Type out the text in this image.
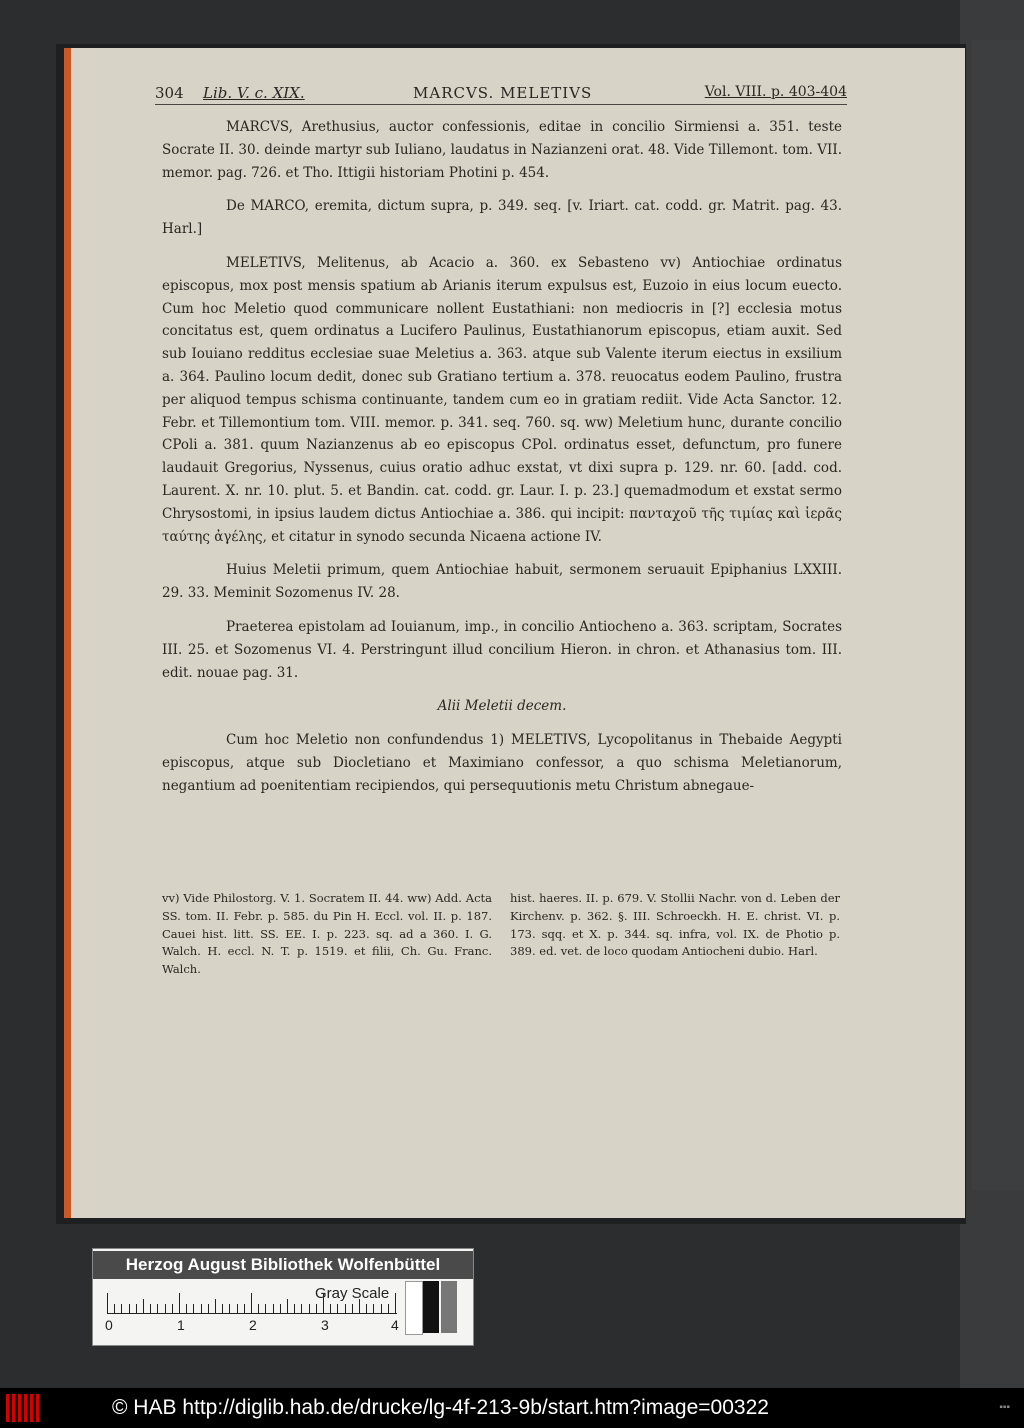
304 Lib. V. c. XIX.	MARCVS. MELETIVS	Vol. VIII. p. 403-404

MARCVS, Arethusius, auctor confessionis, editae in concilio Sirmiensi a. 351. teste Socrate II. 30. deinde martyr sub Iuliano, laudatus in Nazianzeni orat. 48. Vide Tillemont. tom. VII. memor. pag. 726. et Tho. Ittigii historiam Photini p. 454.

De MARCO, eremita, dictum supra, p. 349. seq. [v. Iriart. cat. codd. gr. Matrit. pag. 43. Harl.]

MELETIVS, Melitenus, ab Acacio a. 360. ex Sebasteno vv) Antiochiae ordinatus episcopus, mox post mensis spatium ab Arianis iterum expulsus est, Euzoio in eius locum euecto. Cum hoc Meletio quod communicare nollent Eustathiani: non mediocris in [?] ecclesia motus concitatus est, quem ordinatus a Lucifero Paulinus, Eustathianorum episcopus, etiam auxit. Sed sub Iouiano redditus ecclesiae suae Meletius a. 363. atque sub Valente iterum eiectus in exsilium a. 364. Paulino locum dedit, donec sub Gratiano tertium a. 378. reuocatus eodem Paulino, frustra per aliquod tempus schisma continuante, tandem cum eo in gratiam rediit. Vide Acta Sanctor. 12. Febr. et Tillemontium tom. VIII. memor. p. 341. seq. 760. sq. ww) Meletium hunc, durante concilio CPoli a. 381. quum Nazianzenus ab eo episcopus CPol. ordinatus esset, defunctum, pro funere laudauit Gregorius, Nyssenus, cuius oratio adhuc exstat, vt dixi supra p. 129. nr. 60. [add. cod. Laurent. X. nr. 10. plut. 5. et Bandin. cat. codd. gr. Laur. I. p. 23.] quemadmodum et exstat sermo Chrysostomi, in ipsius laudem dictus Antiochiae a. 386. qui incipit: πανταχοῦ τῆς τιμίας καὶ ἱερᾶς ταύτης ἀγέλης, et citatur in synodo secunda Nicaena actione IV.

Huius Meletii primum, quem Antiochiae habuit, sermonem seruauit Epiphanius LXXIII. 29. 33. Meminit Sozomenus IV. 28.

Praeterea epistolam ad Iouianum, imp., in concilio Antiocheno a. 363. scriptam, Socrates III. 25. et Sozomenus VI. 4. Perstringunt illud concilium Hieron. in chron. et Athanasius tom. III. edit. nouae pag. 31.

Alii Meletii decem.

Cum hoc Meletio non confundendus 1) MELETIVS, Lycopolitanus in Thebaide Aegypti episcopus, atque sub Diocletiano et Maximiano confessor, a quo schisma Meletianorum, negantium ad poenitentiam recipiendos, qui persequutionis metu Christum abnegaue-

vv) Vide Philostorg. V. 1. Socratem II. 44. ww) Add. Acta SS. tom. II. Febr. p. 585. du Pin H. Eccl. vol. II. p. 187. Cauei hist. litt. SS. EE. I. p. 223. sq. ad a 360. I. G. Walch. H. eccl. N. T. p. 1519. et filii, Ch. Gu. Franc. Walch.
hist. haeres. II. p. 679. V. Stollii Nachr. von d. Leben der Kirchenv. p. 362. §. III. Schroeckh. H. E. christ. VI. p. 173. sqq. et X. p. 344. sq. infra, vol. IX. de Photio p. 389. ed. vet. de loco quodam Antiocheni dubio. Harl.
Herzog August Bibliothek Wolfenbüttel
0	1	2	3	4
Gray Scale
© HAB http://diglib.hab.de/drucke/lg-4f-213-9b/start.htm?image=00322	▪▪▪
